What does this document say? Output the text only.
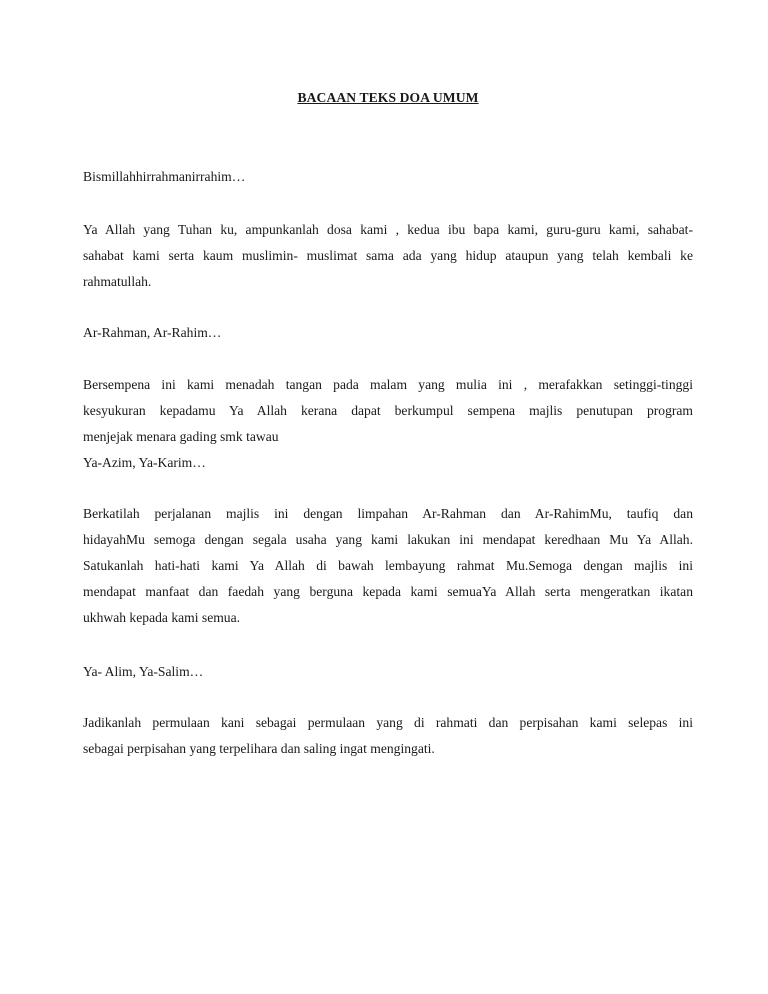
BACAAN TEKS DOA UMUM
Bismillahhirrahmanirrahim…
Ya Allah yang Tuhan ku, ampunkanlah dosa kami , kedua ibu bapa kami, guru-guru kami, sahabat-
sahabat kami serta kaum muslimin- muslimat sama ada yang hidup ataupun yang telah kembali ke
rahmatullah.
Ar-Rahman, Ar-Rahim…
Bersempena ini kami menadah tangan pada malam yang mulia ini , merafakkan setinggi-tinggi
kesyukuran kepadamu Ya Allah kerana dapat berkumpul sempena majlis penutupan program
menjejak menara gading smk tawau
Ya-Azim, Ya-Karim…
Berkatilah perjalanan majlis ini dengan limpahan Ar-Rahman dan Ar-RahimMu, taufiq dan
hidayahMu semoga dengan segala usaha yang kami lakukan ini mendapat keredhaan Mu Ya Allah.
Satukanlah hati-hati kami Ya Allah di bawah lembayung rahmat Mu.Semoga dengan majlis ini
mendapat manfaat dan faedah yang berguna kepada kami semuaYa Allah serta mengeratkan ikatan
ukhwah kepada kami semua.
Ya- Alim, Ya-Salim…
Jadikanlah permulaan kani sebagai permulaan yang di rahmati dan perpisahan kami selepas ini
sebagai perpisahan yang terpelihara dan saling ingat mengingati.
